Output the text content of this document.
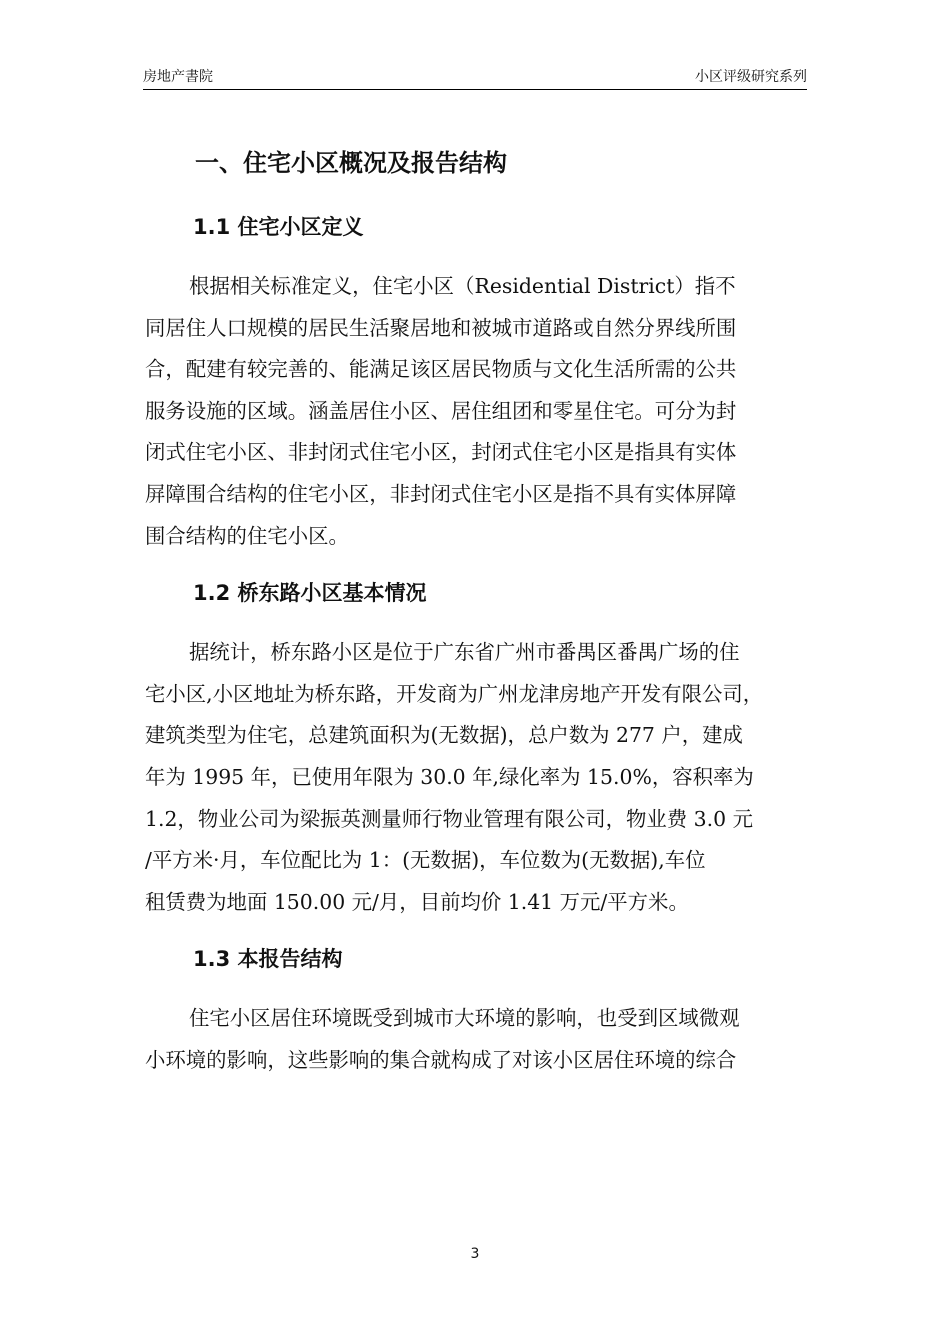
房地产書院	小区评级研究系列
一、住宅小区概况及报告结构
1.1 住宅小区定义

根据相关标准定义，住宅小区（Residential District）指不
同居住人口规模的居民生活聚居地和被城市道路或自然分界线所围
合，配建有较完善的、能满足该区居民物质与文化生活所需的公共
服务设施的区域。涵盖居住小区、居住组团和零星住宅。可分为封
闭式住宅小区、非封闭式住宅小区，封闭式住宅小区是指具有实体
屏障围合结构的住宅小区，非封闭式住宅小区是指不具有实体屏障
围合结构的住宅小区。

1.2 桥东路小区基本情况

据统计，桥东路小区是位于广东省广州市番禺区番禺广场的住
宅小区,小区地址为桥东路，开发商为广州龙津房地产开发有限公司，
建筑类型为住宅，总建筑面积为(无数据)，总户数为 277 户，建成
年为 1995 年，已使用年限为 30.0 年,绿化率为 15.0%，容积率为
1.2，物业公司为梁振英测量师行物业管理有限公司，物业费 3.0 元
/平方米·月，车位配比为 1：(无数据)，车位数为(无数据),车位
租赁费为地面 150.00 元/月，目前均价 1.41 万元/平方米。

1.3 本报告结构

住宅小区居住环境既受到城市大环境的影响，也受到区域微观
小环境的影响，这些影响的集合就构成了对该小区居住环境的综合

3
